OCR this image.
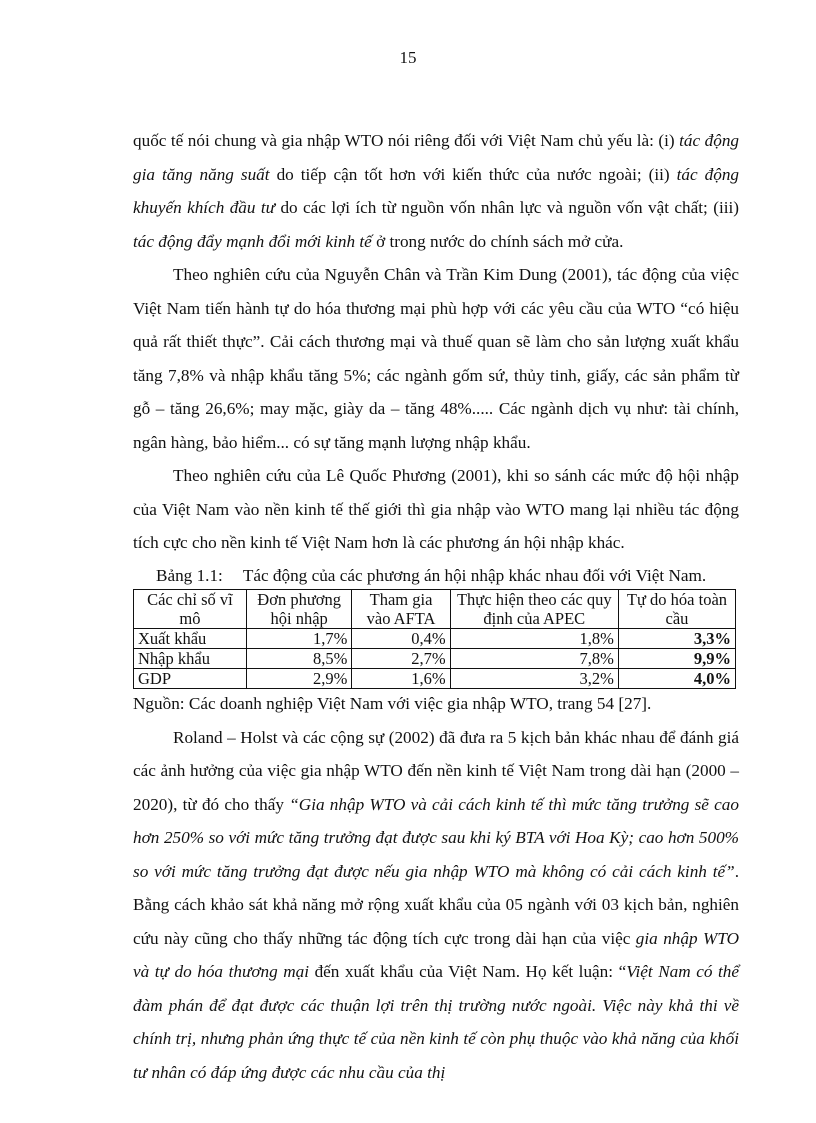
15

quốc tế nói chung và gia nhập WTO nói riêng đối với Việt Nam chủ yếu là: (i) tác động gia tăng năng suất do tiếp cận tốt hơn với kiến thức của nước ngoài; (ii) tác động khuyến khích đầu tư do các lợi ích từ nguồn vốn nhân lực và nguồn vốn vật chất; (iii) tác động đẩy mạnh đổi mới kinh tế ở trong nước do chính sách mở cửa.

Theo nghiên cứu của Nguyễn Chân và Trần Kim Dung (2001), tác động của việc Việt Nam tiến hành tự do hóa thương mại phù hợp với các yêu cầu của WTO “có hiệu quả rất thiết thực”. Cải cách thương mại và thuế quan sẽ làm cho sản lượng xuất khẩu tăng 7,8% và nhập khẩu tăng 5%; các ngành gốm sứ, thủy tinh, giấy, các sản phẩm từ gỗ – tăng 26,6%; may mặc, giày da – tăng 48%..... Các ngành dịch vụ như: tài chính, ngân hàng, bảo hiểm... có sự tăng mạnh lượng nhập khẩu.

Theo nghiên cứu của Lê Quốc Phương (2001), khi so sánh các mức độ hội nhập của Việt Nam vào nền kinh tế thế giới thì gia nhập vào WTO mang lại nhiều tác động tích cực cho nền kinh tế Việt Nam hơn là các phương án hội nhập khác.

Bảng 1.1: Tác động của các phương án hội nhập khác nhau đối với Việt Nam.

Các chỉ số vĩ mô	Đơn phương hội nhập	Tham gia vào AFTA	Thực hiện theo các quy định của APEC	Tự do hóa toàn cầu
Xuất khẩu	1,7%	0,4%	1,8%	3,3%
Nhập khẩu	8,5%	2,7%	7,8%	9,9%
GDP	2,9%	1,6%	3,2%	4,0%

Nguồn: Các doanh nghiệp Việt Nam với việc gia nhập WTO, trang 54 [27].

Roland – Holst và các cộng sự (2002) đã đưa ra 5 kịch bản khác nhau để đánh giá các ảnh hưởng của việc gia nhập WTO đến nền kinh tế Việt Nam trong dài hạn (2000 – 2020), từ đó cho thấy “Gia nhập WTO và cải cách kinh tế thì mức tăng trưởng sẽ cao hơn 250% so với mức tăng trưởng đạt được sau khi ký BTA với Hoa Kỳ; cao hơn 500% so với mức tăng trưởng đạt được nếu gia nhập WTO mà không có cải cách kinh tế”. Bằng cách khảo sát khả năng mở rộng xuất khẩu của 05 ngành với 03 kịch bản, nghiên cứu này cũng cho thấy những tác động tích cực trong dài hạn của việc gia nhập WTO và tự do hóa thương mại đến xuất khẩu của Việt Nam. Họ kết luận: “Việt Nam có thể đàm phán để đạt được các thuận lợi trên thị trường nước ngoài. Việc này khả thi về chính trị, nhưng phản ứng thực tế của nền kinh tế còn phụ thuộc vào khả năng của khối tư nhân có đáp ứng được các nhu cầu của thị
